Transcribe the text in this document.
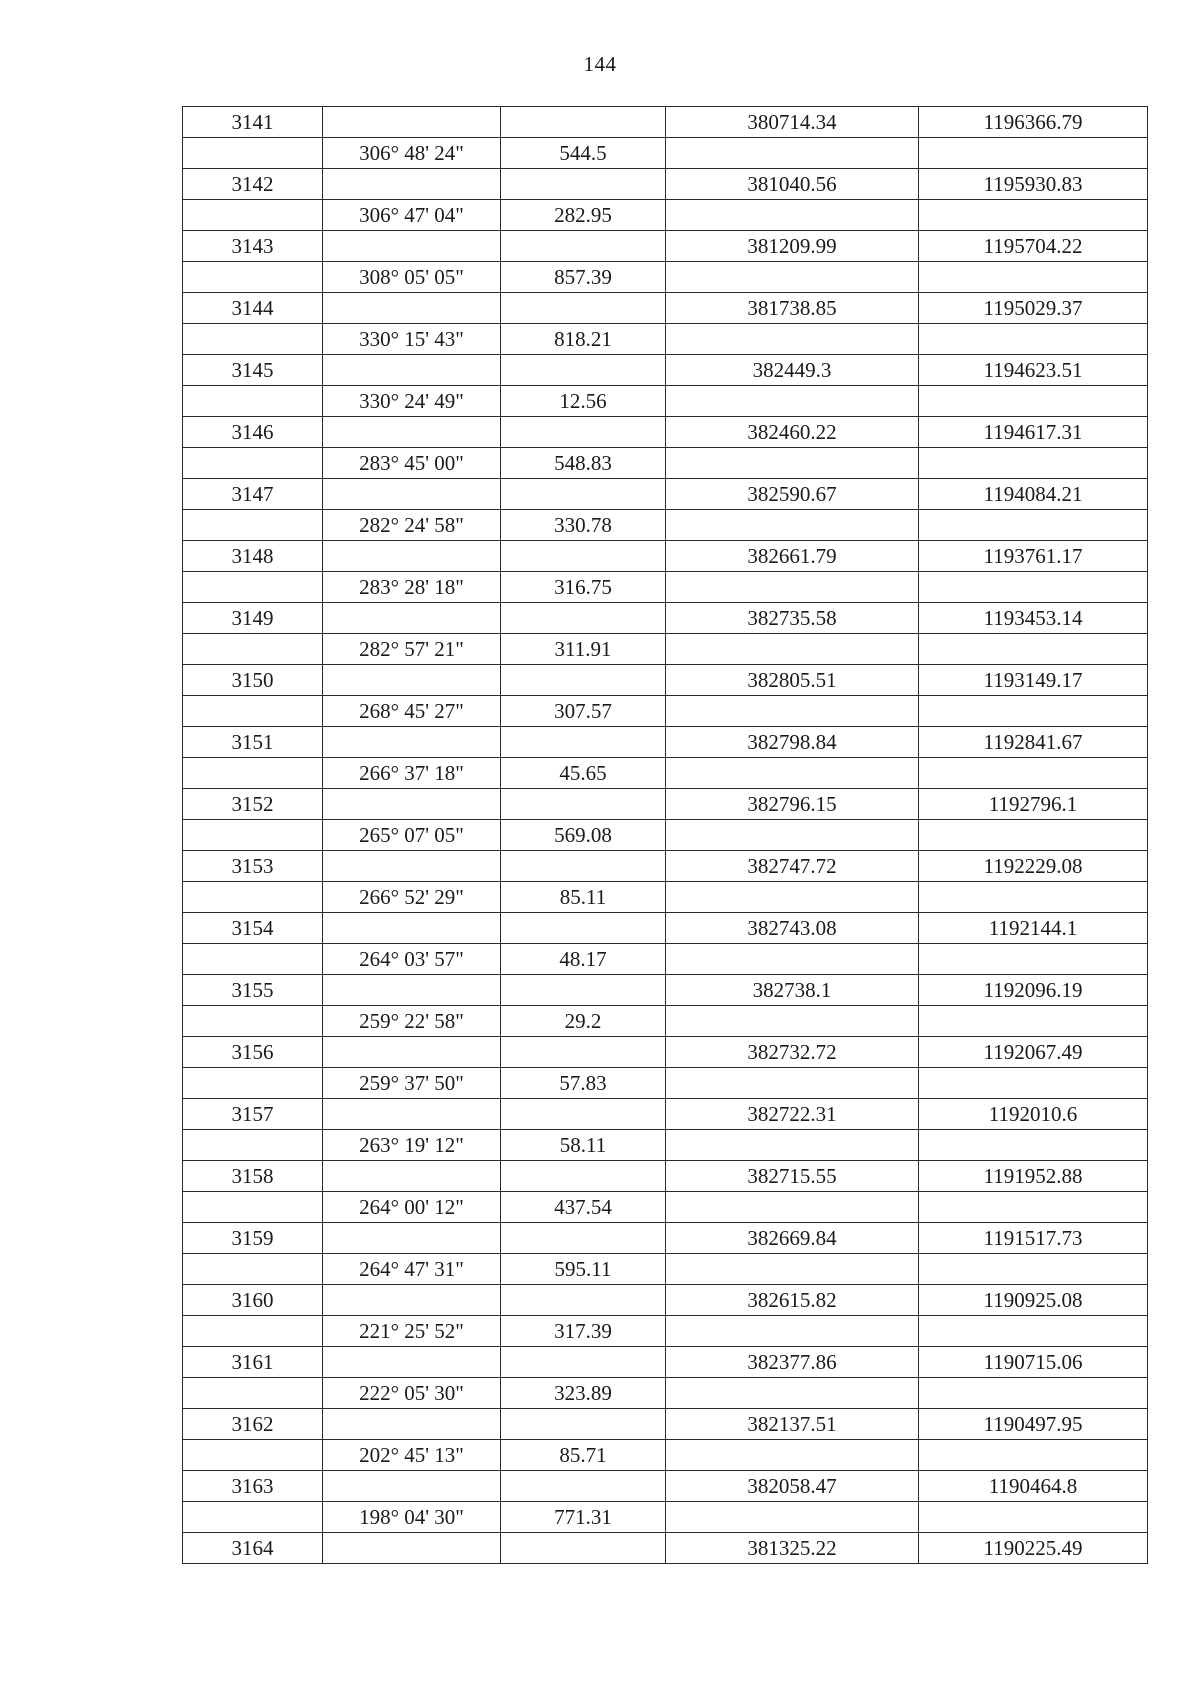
144
3141			380714.34	1196366.79
	306° 48' 24"	544.5		
3142			381040.56	1195930.83
	306° 47' 04"	282.95		
3143			381209.99	1195704.22
	308° 05' 05"	857.39		
3144			381738.85	1195029.37
	330° 15' 43"	818.21		
3145			382449.3	1194623.51
	330° 24' 49"	12.56		
3146			382460.22	1194617.31
	283° 45' 00"	548.83		
3147			382590.67	1194084.21
	282° 24' 58"	330.78		
3148			382661.79	1193761.17
	283° 28' 18"	316.75		
3149			382735.58	1193453.14
	282° 57' 21"	311.91		
3150			382805.51	1193149.17
	268° 45' 27"	307.57		
3151			382798.84	1192841.67
	266° 37' 18"	45.65		
3152			382796.15	1192796.1
	265° 07' 05"	569.08		
3153			382747.72	1192229.08
	266° 52' 29"	85.11		
3154			382743.08	1192144.1
	264° 03' 57"	48.17		
3155			382738.1	1192096.19
	259° 22' 58"	29.2		
3156			382732.72	1192067.49
	259° 37' 50"	57.83		
3157			382722.31	1192010.6
	263° 19' 12"	58.11		
3158			382715.55	1191952.88
	264° 00' 12"	437.54		
3159			382669.84	1191517.73
	264° 47' 31"	595.11		
3160			382615.82	1190925.08
	221° 25' 52"	317.39		
3161			382377.86	1190715.06
	222° 05' 30"	323.89		
3162			382137.51	1190497.95
	202° 45' 13"	85.71		
3163			382058.47	1190464.8
	198° 04' 30"	771.31		
3164			381325.22	1190225.49
